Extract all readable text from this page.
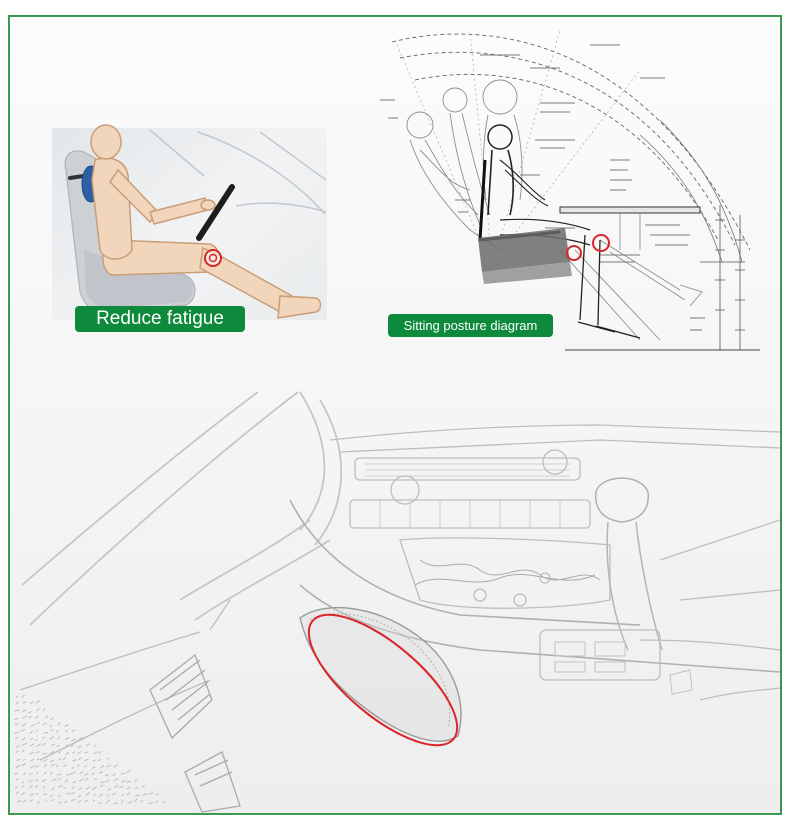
Reduce fatigue	Sitting posture diagram
